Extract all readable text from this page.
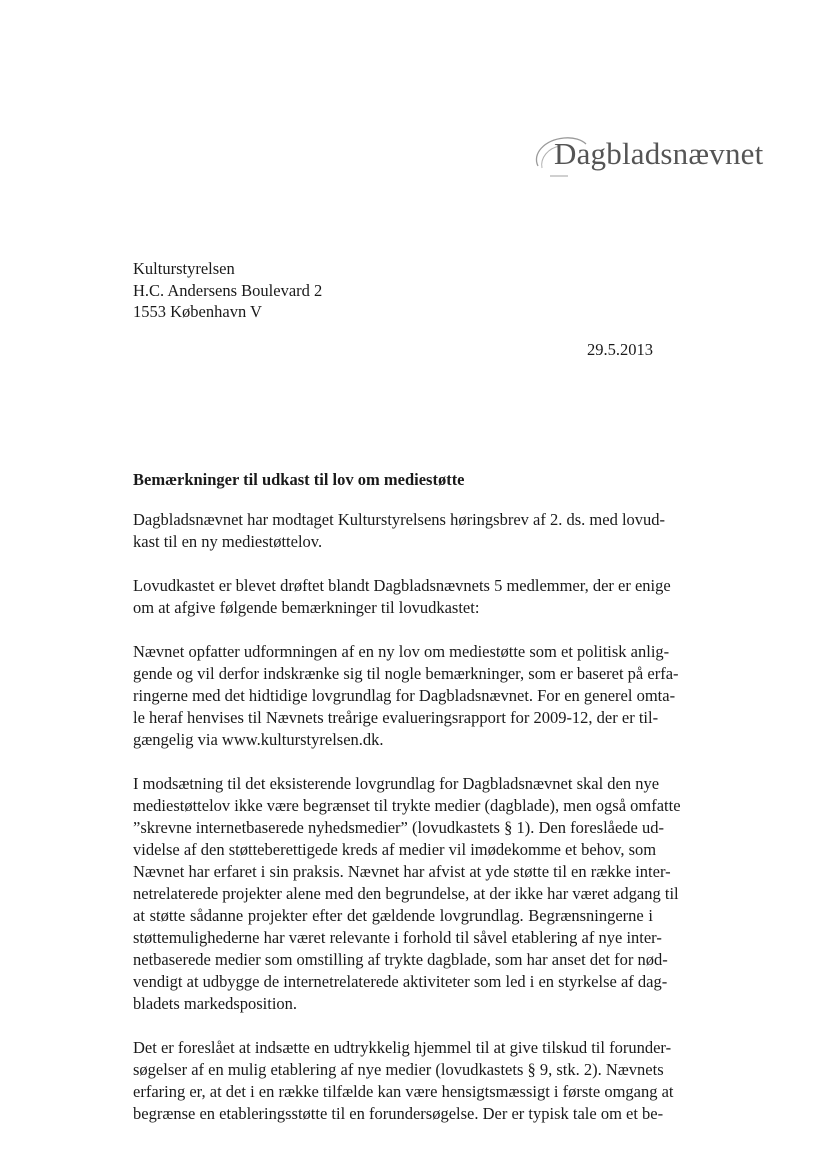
Dagbladsnævnet
Kulturstyrelsen
H.C. Andersens Boulevard 2
1553 København V
29.5.2013
Bemærkninger til udkast til lov om mediestøtte
Dagbladsnævnet har modtaget Kulturstyrelsens høringsbrev af 2. ds. med lovud-
kast til en ny mediestøttelov.
Lovudkastet er blevet drøftet blandt Dagbladsnævnets 5 medlemmer, der er enige
om at afgive følgende bemærkninger til lovudkastet:
Nævnet opfatter udformningen af en ny lov om mediestøtte som et politisk anlig-
gende og vil derfor indskrænke sig til nogle bemærkninger, som er baseret på erfa-
ringerne med det hidtidige lovgrundlag for Dagbladsnævnet. For en generel omta-
le heraf henvises til Nævnets treårige evalueringsrapport for 2009-12, der er til-
gængelig via www.kulturstyrelsen.dk.
I modsætning til det eksisterende lovgrundlag for Dagbladsnævnet skal den nye
mediestøttelov ikke være begrænset til trykte medier (dagblade), men også omfatte
”skrevne internetbaserede nyhedsmedier” (lovudkastets § 1). Den foreslåede ud-
videlse af den støtteberettigede kreds af medier vil imødekomme et behov, som
Nævnet har erfaret i sin praksis. Nævnet har afvist at yde støtte til en række inter-
netrelaterede projekter alene med den begrundelse, at der ikke har været adgang til
at støtte sådanne projekter efter det gældende lovgrundlag. Begrænsningerne i
støttemulighederne har været relevante i forhold til såvel etablering af nye inter-
netbaserede medier som omstilling af trykte dagblade, som har anset det for nød-
vendigt at udbygge de internetrelaterede aktiviteter som led i en styrkelse af dag-
bladets markedsposition.
Det er foreslået at indsætte en udtrykkelig hjemmel til at give tilskud til forunder-
søgelser af en mulig etablering af nye medier (lovudkastets § 9, stk. 2). Nævnets
erfaring er, at det i en række tilfælde kan være hensigtsmæssigt i første omgang at
begrænse en etableringsstøtte til en forundersøgelse. Der er typisk tale om et be-
